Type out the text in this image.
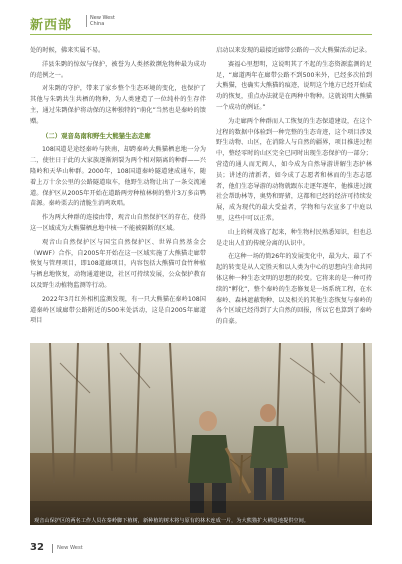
新西部	New West
China

处的时候，佛来实属不易。

洋县朱鹮的惊奴与保护，被誉为人类拯救濒危物种最为成功的范例之一。

对朱鹮的守护，带来了家乡整个生态环境的变化，也保护了其他与朱鹮共生共栖的物种，为人类建造了一位纯朴的生存伴主，通过朱鹮保护将动保的这种独特的“萌化”当然也是秦岭的馈赠。

（二）观音岛南和野生大熊猫生态走廊

108国道是途经秦岭与陕南，却跨秦岭大熊猫栖息地一分为二，使往日于此的大家族逐渐割裂为两个相对隔离的种群——兴隆岭和天华山种群。2000年，108国道秦岭隧道建成通车，随着上万十余公里的公路隧道取车，他野生动物让出了一条交流通道。保护区从2005年开始在道路两旁种植林树的整片3万多亩鸭苗源。秦岭栗去的清脆生消鸣欢唱。

作为两大种群的连接由带，观音山自然保护区的存在，使得这一区域成为大熊猫栖息地中核一不能被隔断的区域。

观音山自然保护区与国宝自然保护区、世界自然基金会（WWF）合作，自2005年开始在这一区域实施了大熊猫走廊带恢复与管理项目，即108道廊项目，内容包括大熊猫可食竹种植与栖息地恢复，动物通道建设，社区可持续发展，公众保护教育以及野生动植物监测等行动。

2022年3月红外相机监测发现，有一只大熊猫在秦岭108国道秦岭区域廊带公路附近的500米处活动，这是自2005年廊道项目

启动以来发现的最接近廊带公路的一次大熊猫活动记录。

赛福心里想明，这说明其了不起的生态资源监测的足足，“廊道两年在廊带公路不到500米外，已经多次拍到大熊猫，也确实大熊猫的痕迹，说明这个地方已经开始成功的恢复，重点办法就是在两种中物种。这就说明大熊猫一个成功的例证。”

为走廊两个种群而人工恢复的生态保道建设，在这个过程的数据中体验到一种完整的生态奇迹，这个项目涉及野生动物、山区，在消除人与自然的疆界，项目推进过程中，整经零时的山区完全已同时出现生态保护的一部分；营造的通人而无阀人，如今成为自然导游讲解生态护林员；讲述的清新者，如今成了志愿者和林而的生态志愿者，他们生态导游的动物就跟东走逐年逐年，他推进过渡社会帮助林等，奥势和野猪，这都和已经的经济可持续发展，成为现代的最大受益者，学物和与农宣多了中庭以里，这些中可以正常。

山上的树茂盛了起来，种生物村民熟悉知识，但也总是走出人们的传统分离的认识中。

在这种一场的简26年的发展变化中，最为大、最了不起的转变是从人定胜天和以人类为中心的思想向生命共同体这种一种生态文明的思想的转变。它将来的是一种可持续的“孵化”，整个秦岭的生态修复是一场系统工程，在水秦岭、森林遮蔽物种、以及相关的其他生态恢复与秦岭的各个区域已经得到了大自然的回报，所以它也算到了秦岭的自豪。

观音山保护区的两名工作人员在秦岭脚下植树，新种植的树木将与原有的林木连成一片，为大熊猫扩大栖息地提供空间。
32	New West
